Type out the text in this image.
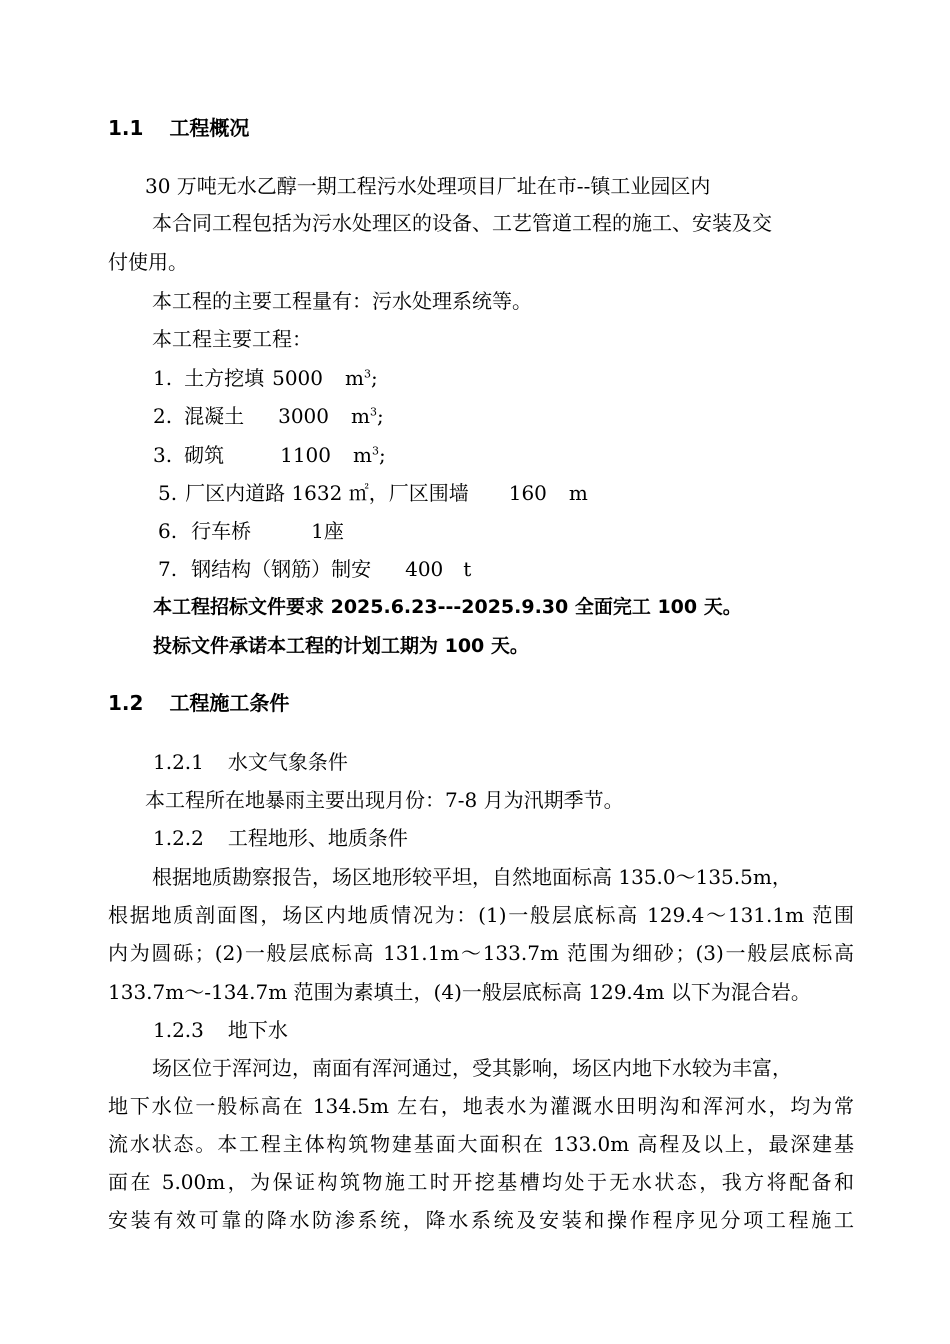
1.1 工程概况
30 万吨无水乙醇一期工程污水处理项目厂址在市--镇工业园区内
本合同工程包括为污水处理区的设备、工艺管道工程的施工、安装及交
付使用。
本工程的主要工程量有：污水处理系统等。
本工程主要工程：
1. 土方挖填 5000 $m^3$;
2. 混凝土 3000 $m^3$;
3. 砌筑	1100 $m^3$;
5. 厂区内道路 1632 ㎡，厂区围墙 160 m
6. 行车桥	1座
7. 钢结构（钢筋）制安 400 t
本工程招标文件要求 2025.6.23---2025.9.30 全面完工 100 天。
投标文件承诺本工程的计划工期为 100 天。
1.2 工程施工条件
1.2.1 水文气象条件
本工程所在地暴雨主要出现月份：7-8 月为汛期季节。
1.2.2 工程地形、地质条件
根据地质勘察报告，场区地形较平坦，自然地面标高 135.0～135.5m，
根据地质剖面图，场区内地质情况为：(1)一般层底标高 129.4～131.1m 范围
内为圆砾；(2)一般层底标高 131.1m～133.7m 范围为细砂；(3)一般层底标高
133.7m～-134.7m 范围为素填土，(4)一般层底标高 129.4m 以下为混合岩。
1.2.3 地下水
场区位于浑河边，南面有浑河通过，受其影响，场区内地下水较为丰富，
地下水位一般标高在 134.5m 左右，地表水为灌溉水田明沟和浑河水，均为常
流水状态。本工程主体构筑物建基面大面积在 133.0m 高程及以上，最深建基
面在 5.00m，为保证构筑物施工时开挖基槽均处于无水状态，我方将配备和
安装有效可靠的降水防渗系统，降水系统及安装和操作程序见分项工程施工
